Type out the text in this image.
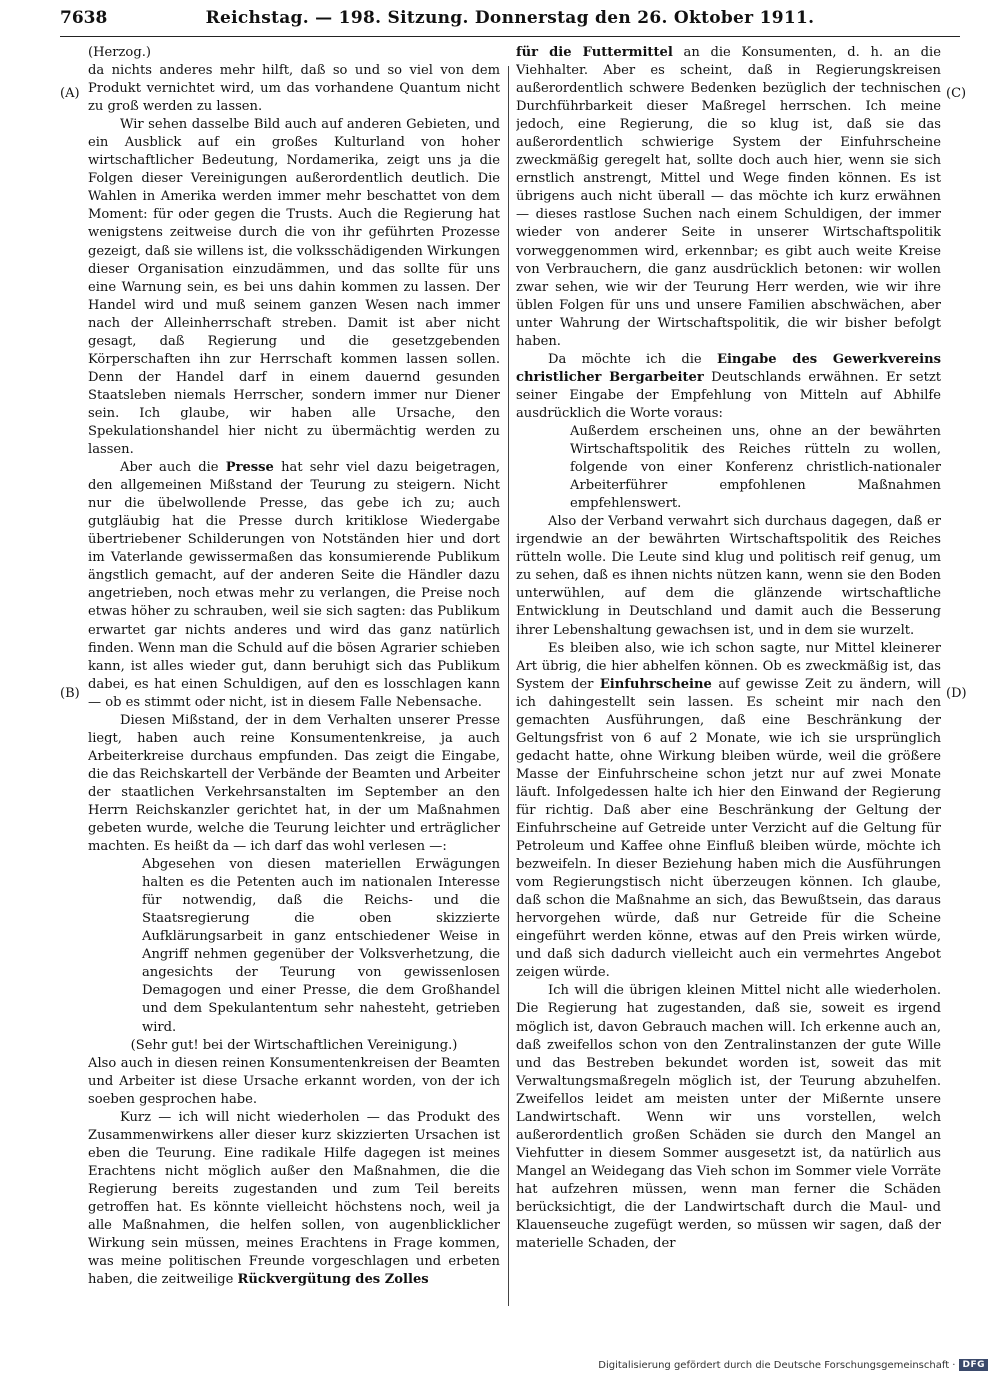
7638	Reichstag. — 198. Sitzung. Donnerstag den 26. Oktober 1911.
(A)
(B)
(C)
(D)

(Herzog.)

da nichts anderes mehr hilft, daß so und so viel von dem Produkt vernichtet wird, um das vorhandene Quantum nicht zu groß werden zu lassen.

Wir sehen dasselbe Bild auch auf anderen Gebieten, und ein Ausblick auf ein großes Kulturland von hoher wirtschaftlicher Bedeutung, Nordamerika, zeigt uns ja die Folgen dieser Vereinigungen außerordentlich deutlich. Die Wahlen in Amerika werden immer mehr beschattet von dem Moment: für oder gegen die Trusts. Auch die Regierung hat wenigstens zeitweise durch die von ihr geführten Prozesse gezeigt, daß sie willens ist, die volksschädigenden Wirkungen dieser Organisation einzudämmen, und das sollte für uns eine Warnung sein, es bei uns dahin kommen zu lassen. Der Handel wird und muß seinem ganzen Wesen nach immer nach der Alleinherrschaft streben. Damit ist aber nicht gesagt, daß Regierung und die gesetzgebenden Körperschaften ihn zur Herrschaft kommen lassen sollen. Denn der Handel darf in einem dauernd gesunden Staatsleben niemals Herrscher, sondern immer nur Diener sein. Ich glaube, wir haben alle Ursache, den Spekulationshandel hier nicht zu übermächtig werden zu lassen.

Aber auch die Presse hat sehr viel dazu beigetragen, den allgemeinen Mißstand der Teurung zu steigern. Nicht nur die übelwollende Presse, das gebe ich zu; auch gutgläubig hat die Presse durch kritiklose Wiedergabe übertriebener Schilderungen von Notständen hier und dort im Vaterlande gewissermaßen das konsumierende Publikum ängstlich gemacht, auf der anderen Seite die Händler dazu angetrieben, noch etwas mehr zu verlangen, die Preise noch etwas höher zu schrauben, weil sie sich sagten: das Publikum erwartet gar nichts anderes und wird das ganz natürlich finden. Wenn man die Schuld auf die bösen Agrarier schieben kann, ist alles wieder gut, dann beruhigt sich das Publikum dabei, es hat einen Schuldigen, auf den es losschlagen kann — ob es stimmt oder nicht, ist in diesem Falle Nebensache.

Diesen Mißstand, der in dem Verhalten unserer Presse liegt, haben auch reine Konsumentenkreise, ja auch Arbeiterkreise durchaus empfunden. Das zeigt die Eingabe, die das Reichskartell der Verbände der Beamten und Arbeiter der staatlichen Verkehrsanstalten im September an den Herrn Reichskanzler gerichtet hat, in der um Maßnahmen gebeten wurde, welche die Teurung leichter und erträglicher machten. Es heißt da — ich darf das wohl verlesen —:

Abgesehen von diesen materiellen Erwägungen halten es die Petenten auch im nationalen Interesse für notwendig, daß die Reichs- und die Staatsregierung die oben skizzierte Aufklärungsarbeit in ganz entschiedener Weise in Angriff nehmen gegenüber der Volksverhetzung, die angesichts der Teurung von gewissenlosen Demagogen und einer Presse, die dem Großhandel und dem Spekulantentum sehr nahesteht, getrieben wird.

(Sehr gut! bei der Wirtschaftlichen Vereinigung.)

Also auch in diesen reinen Konsumentenkreisen der Beamten und Arbeiter ist diese Ursache erkannt worden, von der ich soeben gesprochen habe.

Kurz — ich will nicht wiederholen — das Produkt des Zusammenwirkens aller dieser kurz skizzierten Ursachen ist eben die Teurung. Eine radikale Hilfe dagegen ist meines Erachtens nicht möglich außer den Maßnahmen, die die Regierung bereits zugestanden und zum Teil bereits getroffen hat. Es könnte vielleicht höchstens noch, weil ja alle Maßnahmen, die helfen sollen, von augenblicklicher Wirkung sein müssen, meines Erachtens in Frage kommen, was meine politischen Freunde vorgeschlagen und erbeten haben, die zeitweilige Rückvergütung des Zolles

für die Futtermittel an die Konsumenten, d. h. an die Viehhalter. Aber es scheint, daß in Regierungskreisen außerordentlich schwere Bedenken bezüglich der technischen Durchführbarkeit dieser Maßregel herrschen. Ich meine jedoch, eine Regierung, die so klug ist, daß sie das außerordentlich schwierige System der Einfuhrscheine zweckmäßig geregelt hat, sollte doch auch hier, wenn sie sich ernstlich anstrengt, Mittel und Wege finden können. Es ist übrigens auch nicht überall — das möchte ich kurz erwähnen — dieses rastlose Suchen nach einem Schuldigen, der immer wieder von anderer Seite in unserer Wirtschaftspolitik vorweggenommen wird, erkennbar; es gibt auch weite Kreise von Verbrauchern, die ganz ausdrücklich betonen: wir wollen zwar sehen, wie wir der Teurung Herr werden, wie wir ihre üblen Folgen für uns und unsere Familien abschwächen, aber unter Wahrung der Wirtschaftspolitik, die wir bisher befolgt haben.

Da möchte ich die Eingabe des Gewerkvereins christlicher Bergarbeiter Deutschlands erwähnen. Er setzt seiner Eingabe der Empfehlung von Mitteln auf Abhilfe ausdrücklich die Worte voraus:

Außerdem erscheinen uns, ohne an der bewährten Wirtschaftspolitik des Reiches rütteln zu wollen, folgende von einer Konferenz christlich-nationaler Arbeiterführer empfohlenen Maßnahmen empfehlenswert.

Also der Verband verwahrt sich durchaus dagegen, daß er irgendwie an der bewährten Wirtschaftspolitik des Reiches rütteln wolle. Die Leute sind klug und politisch reif genug, um zu sehen, daß es ihnen nichts nützen kann, wenn sie den Boden unterwühlen, auf dem die glänzende wirtschaftliche Entwicklung in Deutschland und damit auch die Besserung ihrer Lebenshaltung gewachsen ist, und in dem sie wurzelt.

Es bleiben also, wie ich schon sagte, nur Mittel kleinerer Art übrig, die hier abhelfen können. Ob es zweckmäßig ist, das System der Einfuhrscheine auf gewisse Zeit zu ändern, will ich dahingestellt sein lassen. Es scheint mir nach den gemachten Ausführungen, daß eine Beschränkung der Geltungsfrist von 6 auf 2 Monate, wie ich sie ursprünglich gedacht hatte, ohne Wirkung bleiben würde, weil die größere Masse der Einfuhrscheine schon jetzt nur auf zwei Monate läuft. Infolgedessen halte ich hier den Einwand der Regierung für richtig. Daß aber eine Beschränkung der Geltung der Einfuhrscheine auf Getreide unter Verzicht auf die Geltung für Petroleum und Kaffee ohne Einfluß bleiben würde, möchte ich bezweifeln. In dieser Beziehung haben mich die Ausführungen vom Regierungstisch nicht überzeugen können. Ich glaube, daß schon die Maßnahme an sich, das Bewußtsein, das daraus hervorgehen würde, daß nur Getreide für die Scheine eingeführt werden könne, etwas auf den Preis wirken würde, und daß sich dadurch vielleicht auch ein vermehrtes Angebot zeigen würde.

Ich will die übrigen kleinen Mittel nicht alle wiederholen. Die Regierung hat zugestanden, daß sie, soweit es irgend möglich ist, davon Gebrauch machen will. Ich erkenne auch an, daß zweifellos schon von den Zentralinstanzen der gute Wille und das Bestreben bekundet worden ist, soweit das mit Verwaltungsmaßregeln möglich ist, der Teurung abzuhelfen. Zweifellos leidet am meisten unter der Mißernte unsere Landwirtschaft. Wenn wir uns vorstellen, welch außerordentlich großen Schäden sie durch den Mangel an Viehfutter in diesem Sommer ausgesetzt ist, da natürlich aus Mangel an Weidegang das Vieh schon im Sommer viele Vorräte hat aufzehren müssen, wenn man ferner die Schäden berücksichtigt, die der Landwirtschaft durch die Maul- und Klauenseuche zugefügt werden, so müssen wir sagen, daß der materielle Schaden, der

Digitalisierung gefördert durch die Deutsche Forschungsgemeinschaft · DFG
